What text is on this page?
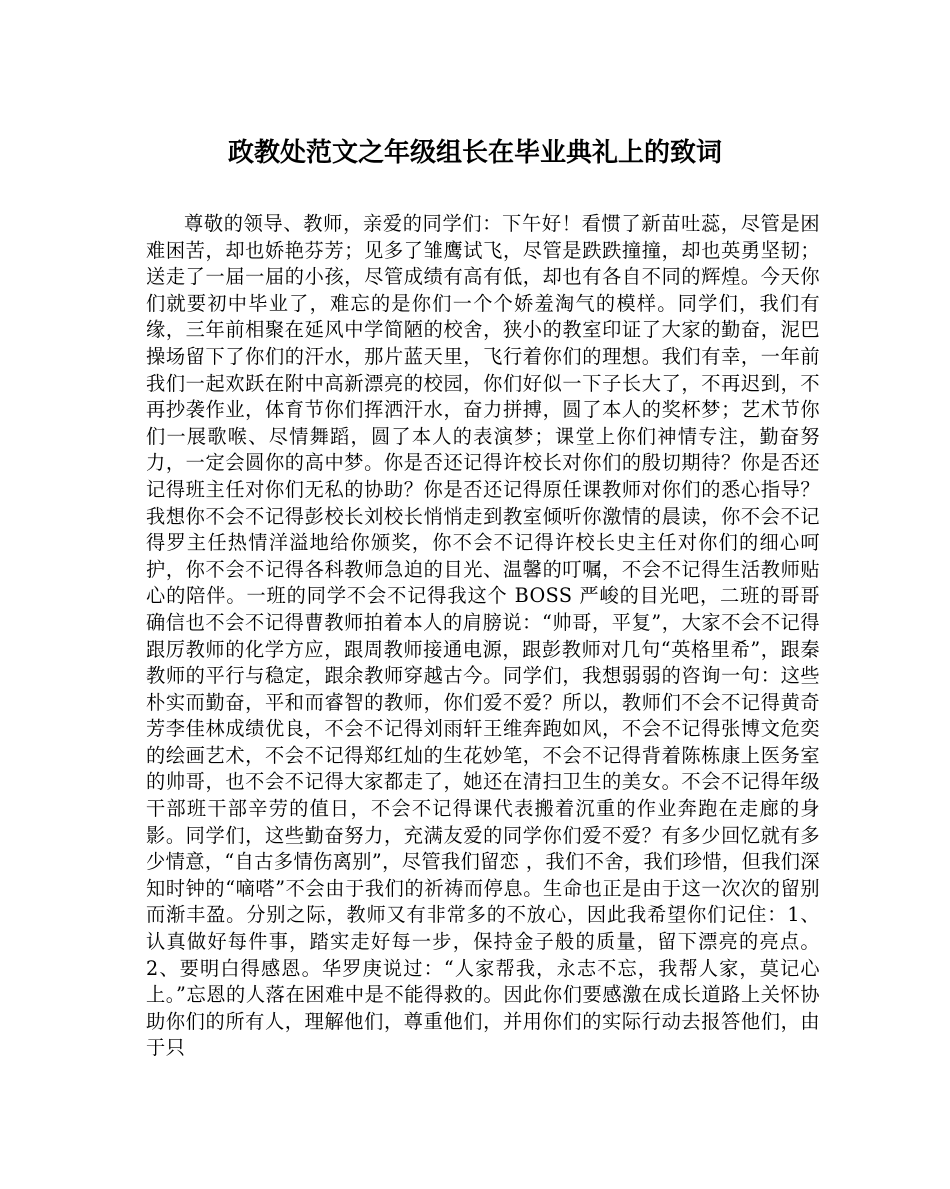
政教处范文之年级组长在毕业典礼上的致词

尊敬的领导、教师，亲爱的同学们：下午好！看惯了新苗吐蕊，尽管是困难困苦，却也娇艳芬芳；见多了雏鹰试飞，尽管是跌跌撞撞，却也英勇坚韧；送走了一届一届的小孩，尽管成绩有高有低，却也有各自不同的辉煌。今天你们就要初中毕业了，难忘的是你们一个个娇羞淘气的模样。同学们，我们有缘，三年前相聚在延风中学简陋的校舍，狭小的教室印证了大家的勤奋，泥巴操场留下了你们的汗水，那片蓝天里，飞行着你们的理想。我们有幸，一年前我们一起欢跃在附中高新漂亮的校园，你们好似一下子长大了，不再迟到，不再抄袭作业，体育节你们挥洒汗水，奋力拼搏，圆了本人的奖杯梦；艺术节你们一展歌喉、尽情舞蹈，圆了本人的表演梦；课堂上你们神情专注，勤奋努力，一定会圆你的高中梦。你是否还记得许校长对你们的殷切期待？你是否还记得班主任对你们无私的协助？你是否还记得原任课教师对你们的悉心指导？我想你不会不记得彭校长刘校长悄悄走到教室倾听你激情的晨读，你不会不记得罗主任热情洋溢地给你颁奖，你不会不记得许校长史主任对你们的细心呵护，你不会不记得各科教师急迫的目光、温馨的叮嘱，不会不记得生活教师贴心的陪伴。一班的同学不会不记得我这个 BOSS 严峻的目光吧，二班的哥哥确信也不会不记得曹教师拍着本人的肩膀说：“帅哥，平复”，大家不会不记得跟厉教师的化学方应，跟周教师接通电源，跟彭教师对几句“英格里希”，跟秦教师的平行与稳定，跟余教师穿越古今。同学们，我想弱弱的咨询一句：这些朴实而勤奋，平和而睿智的教师，你们爱不爱？所以，教师们不会不记得黄奇芳李佳林成绩优良，不会不记得刘雨轩王维奔跑如风，不会不记得张博文危奕的绘画艺术，不会不记得郑红灿的生花妙笔，不会不记得背着陈栋康上医务室的帅哥，也不会不记得大家都走了，她还在清扫卫生的美女。不会不记得年级干部班干部辛劳的值日，不会不记得课代表搬着沉重的作业奔跑在走廊的身影。同学们，这些勤奋努力，充满友爱的同学你们爱不爱？有多少回忆就有多少情意，“自古多情伤离别”，尽管我们留恋 ，我们不舍，我们珍惜，但我们深知时钟的“嘀嗒”不会由于我们的祈祷而停息。生命也正是由于这一次次的留别而渐丰盈。分别之际，教师又有非常多的不放心，因此我希望你们记住：1、认真做好每件事，踏实走好每一步，保持金子般的质量，留下漂亮的亮点。2、要明白得感恩。华罗庚说过：“人家帮我，永志不忘，我帮人家，莫记心上。”忘恩的人落在困难中是不能得救的。因此你们要感激在成长道路上关怀协助你们的所有人，理解他们，尊重他们，并用你们的实际行动去报答他们，由于只
